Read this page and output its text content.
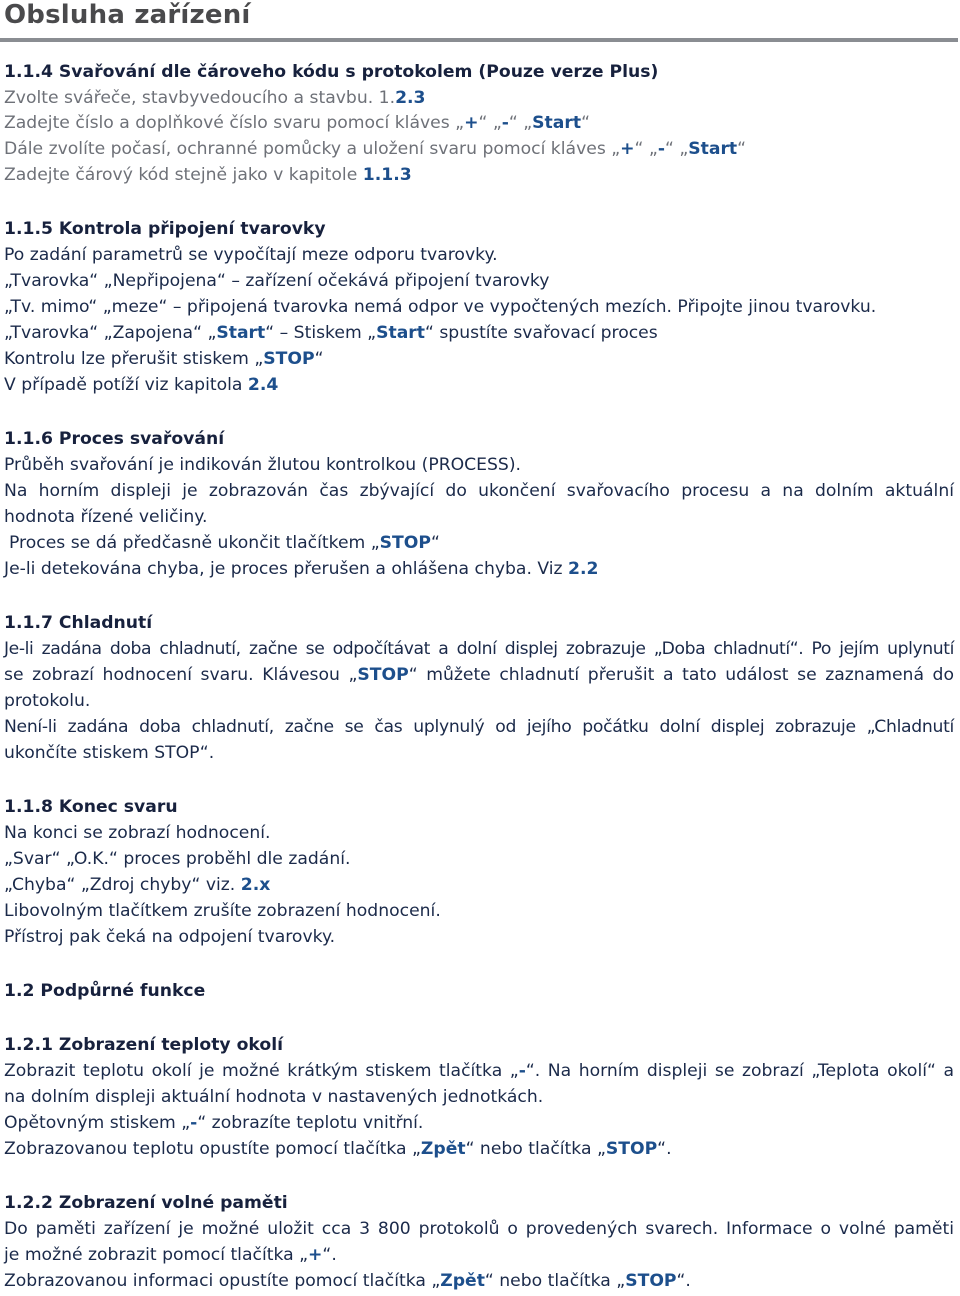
Obsluha zařízení
1.1.4 Svařování dle čároveho kódu s protokolem (Pouze verze Plus)
Zvolte svářeče, stavbyvedoucího a stavbu. 1.2.3
Zadejte číslo a doplňkové číslo svaru pomocí kláves „+“ „-“ „Start“
Dále zvolíte počasí, ochranné pomůcky a uložení svaru pomocí kláves „+“ „-“ „Start“
Zadejte čárový kód stejně jako v kapitole 1.1.3
1.1.5 Kontrola připojení tvarovky
Po zadání parametrů se vypočítají meze odporu tvarovky.
„Tvarovka“ „Nepřipojena“ – zařízení očekává připojení tvarovky
„Tv. mimo“ „meze“ – připojená tvarovka nemá odpor ve vypočtených mezích. Připojte jinou tvarovku.
„Tvarovka“ „Zapojena“ „Start“ – Stiskem „Start“ spustíte svařovací proces
Kontrolu lze přerušit stiskem „STOP“
V případě potíží viz kapitola 2.4
1.1.6 Proces svařování
Průběh svařování je indikován žlutou kontrolkou (PROCESS).
Na horním displeji je zobrazován čas zbývající do ukončení svařovacího procesu a na dolním aktuální
hodnota řízené veličiny.
Proces se dá předčasně ukončit tlačítkem „STOP“
Je-li detekována chyba, je proces přerušen a ohlášena chyba. Viz 2.2
1.1.7 Chladnutí
Je-li zadána doba chladnutí, začne se odpočítávat a dolní displej zobrazuje „Doba chladnutí“. Po jejím uplynutí
se zobrazí hodnocení svaru. Klávesou „STOP“ můžete chladnutí přerušit a tato událost se zaznamená do
protokolu.
Není-li zadána doba chladnutí, začne se čas uplynulý od jejího počátku dolní displej zobrazuje „Chladnutí
ukončíte stiskem STOP“.
1.1.8 Konec svaru
Na konci se zobrazí hodnocení.
„Svar“ „O.K.“ proces proběhl dle zadání.
„Chyba“ „Zdroj chyby“ viz. 2.x
Libovolným tlačítkem zrušíte zobrazení hodnocení.
Přístroj pak čeká na odpojení tvarovky.
1.2 Podpůrné funkce
1.2.1 Zobrazení teploty okolí
Zobrazit teplotu okolí je možné krátkým stiskem tlačítka „-“. Na horním displeji se zobrazí „Teplota okolí“ a
na dolním displeji aktuální hodnota v nastavených jednotkách.
Opětovným stiskem „-“ zobrazíte teplotu vnitřní.
Zobrazovanou teplotu opustíte pomocí tlačítka „Zpět“ nebo tlačítka „STOP“.
1.2.2 Zobrazení volné paměti
Do paměti zařízení je možné uložit cca 3 800 protokolů o provedených svarech. Informace o volné paměti
je možné zobrazit pomocí tlačítka „+“.
Zobrazovanou informaci opustíte pomocí tlačítka „Zpět“ nebo tlačítka „STOP“.
